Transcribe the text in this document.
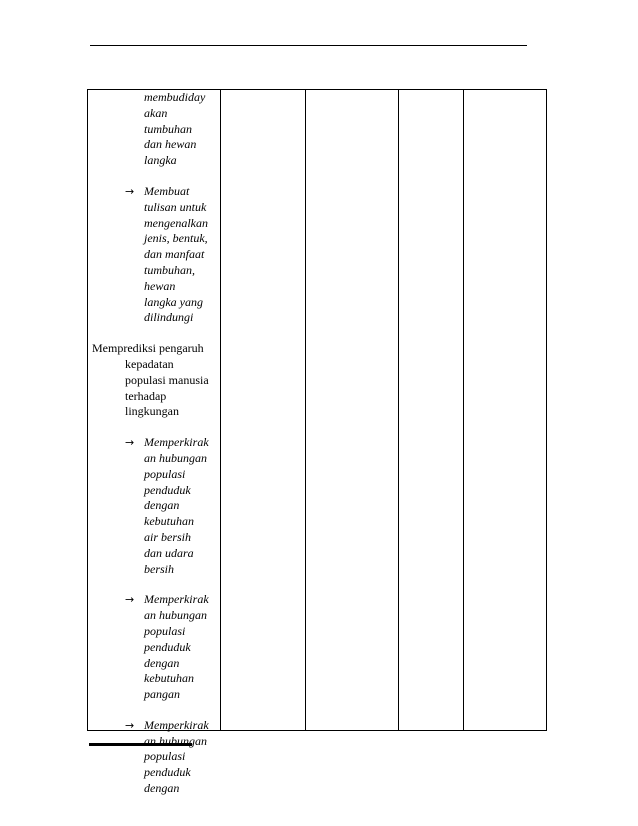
membudiday
akan
tumbuhan
dan hewan
langka
→ Membuat
tulisan untuk
mengenalkan
jenis, bentuk,
dan manfaat
tumbuhan,
hewan
langka yang
dilindungi
Memprediksi pengaruh
kepadatan
populasi manusia
terhadap
lingkungan
→ Memperkirak
an hubungan
populasi
penduduk
dengan
kebutuhan
air bersih
dan udara
bersih
→ Memperkirak
an hubungan
populasi
penduduk
dengan
kebutuhan
pangan
→ Memperkirak
an hubungan
populasi
penduduk
dengan
